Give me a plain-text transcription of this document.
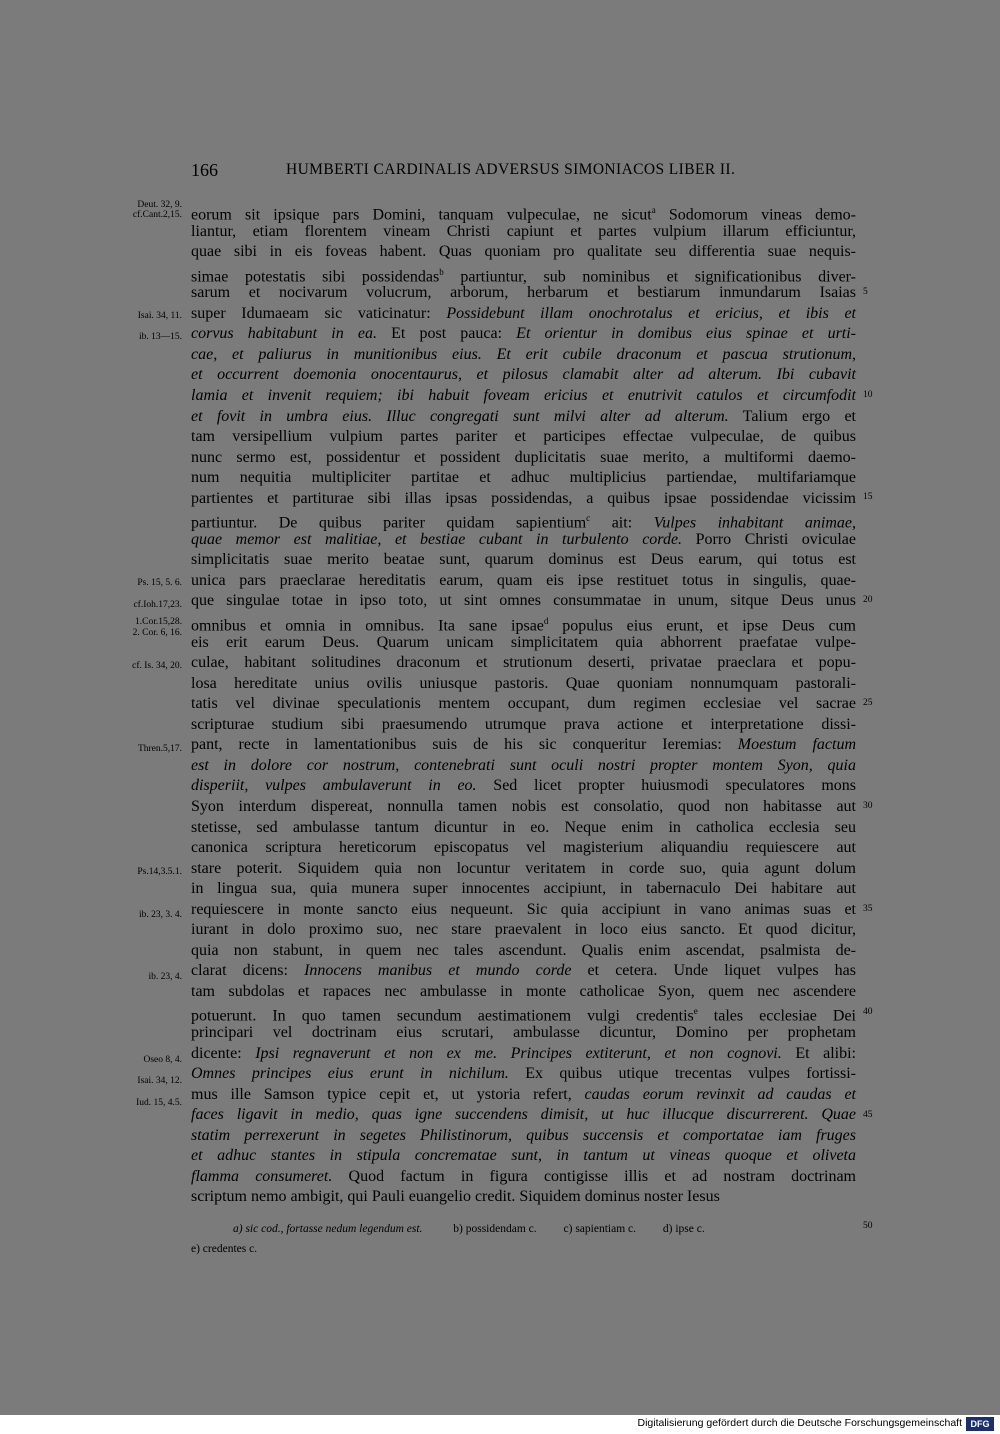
166	HUMBERTI CARDINALIS ADVERSUS SIMONIACOS LIBER II.
eorum sit ipsique pars Domini, tanquam vulpeculae, ne sicut$^a$ Sodomorum vineas demo-
liantur, etiam florentem vineam Christi capiunt et partes vulpium illarum efficiuntur,
quae sibi in eis foveas habent. Quas quoniam pro qualitate seu differentia suae nequis-
simae potestatis sibi possidendas$^b$ partiuntur, sub nominibus et significationibus diver-
sarum et nocivarum volucrum, arborum, herbarum et bestiarum inmundarum Isaias
super Idumaeam sic vaticinatur: Possidebunt illam onochrotalus et ericius, et ibis et
corvus habitabunt in ea. Et post pauca: Et orientur in domibus eius spinae et urti-
cae, et paliurus in munitionibus eius. Et erit cubile draconum et pascua strutionum,
et occurrent doemonia onocentaurus, et pilosus clamabit alter ad alterum. Ibi cubavit
lamia et invenit requiem; ibi habuit foveam ericius et enutrivit catulos et circumfodit
et fovit in umbra eius. Illuc congregati sunt milvi alter ad alterum. Talium ergo et
tam versipellium vulpium partes pariter et participes effectae vulpeculae, de quibus
nunc sermo est, possidentur et possident duplicitatis suae merito, a multiformi daemo-
num nequitia multipliciter partitae et adhuc multiplicius partiendae, multifariamque
partientes et partiturae sibi illas ipsas possidendas, a quibus ipsae possidendae vicissim
partiuntur. De quibus pariter quidam sapientium$^c$ ait: Vulpes inhabitant animae,
quae memor est malitiae, et bestiae cubant in turbulento corde. Porro Christi oviculae
simplicitatis suae merito beatae sunt, quarum dominus est Deus earum, qui totus est
unica pars praeclarae hereditatis earum, quam eis ipse restituet totus in singulis, quae-
que singulae totae in ipso toto, ut sint omnes consummatae in unum, sitque Deus unus
omnibus et omnia in omnibus. Ita sane ipsae$^d$ populus eius erunt, et ipse Deus cum
eis erit earum Deus. Quarum unicam simplicitatem quia abhorrent praefatae vulpe-
culae, habitant solitudines draconum et strutionum deserti, privatae praeclara et popu-
losa hereditate unius ovilis uniusque pastoris. Quae quoniam nonnumquam pastorali-
tatis vel divinae speculationis mentem occupant, dum regimen ecclesiae vel sacrae
scripturae studium sibi praesumendo utrumque prava actione et interpretatione dissi-
pant, recte in lamentationibus suis de his sic conqueritur Ieremias: Moestum factum
est in dolore cor nostrum, contenebrati sunt oculi nostri propter montem Syon, quia
disperiit, vulpes ambulaverunt in eo. Sed licet propter huiusmodi speculatores mons
Syon interdum dispereat, nonnulla tamen nobis est consolatio, quod non habitasse aut
stetisse, sed ambulasse tantum dicuntur in eo. Neque enim in catholica ecclesia seu
canonica scriptura hereticorum episcopatus vel magisterium aliquandiu requiescere aut
stare poterit. Siquidem quia non locuntur veritatem in corde suo, quia agunt dolum
in lingua sua, quia munera super innocentes accipiunt, in tabernaculo Dei habitare aut
requiescere in monte sancto eius nequeunt. Sic quia accipiunt in vano animas suas et
iurant in dolo proximo suo, nec stare praevalent in loco eius sancto. Et quod dicitur,
quia non stabunt, in quem nec tales ascendunt. Qualis enim ascendat, psalmista de-
clarat dicens: Innocens manibus et mundo corde et cetera. Unde liquet vulpes has
tam subdolas et rapaces nec ambulasse in monte catholicae Syon, quem nec ascendere
potuerunt. In quo tamen secundum aestimationem vulgi credentis$^e$ tales ecclesiae Dei
principari vel doctrinam eius scrutari, ambulasse dicuntur, Domino per prophetam
dicente: Ipsi regnaverunt et non ex me. Principes extiterunt, et non cognovi. Et alibi:
Omnes principes eius erunt in nichilum. Ex quibus utique trecentas vulpes fortissi-
mus ille Samson typice cepit et, ut ystoria refert, caudas eorum revinxit ad caudas et
faces ligavit in medio, quas igne succendens dimisit, ut huc illucque discurrerent. Quae
statim perrexerunt in segetes Philistinorum, quibus succensis et comportatae iam fruges
et adhuc stantes in stipula concrematae sunt, in tantum ut vineas quoque et oliveta
flamma consumeret. Quod factum in figura contigisse illis et ad nostram doctrinam
scriptum nemo ambigit, qui Pauli euangelio credit. Siquidem dominus noster Iesus
Deut. 32, 9.
cf.Cant.2,15.
Isai. 34, 11.
ib. 13—15.
Ps. 15, 5. 6.
cf.Ioh.17,23.
1.Cor.15,28.
2. Cor. 6, 16.
cf. Is. 34, 20.
Thren.5,17.
Ps.14,3.5.1.
ib. 23, 3. 4.
ib. 23, 4.
Oseo 8, 4.
Isai. 34, 12.
Iud. 15, 4.5.
5
10
15
20
25
30
35
40
45
50
a) sic cod., fortasse nedum legendum est.	b) possidendam c. c) sapientiam c. d) ipse c.
e) credentes c.
Digitalisierung gefördert durch die Deutsche Forschungsgemeinschaft DFG
